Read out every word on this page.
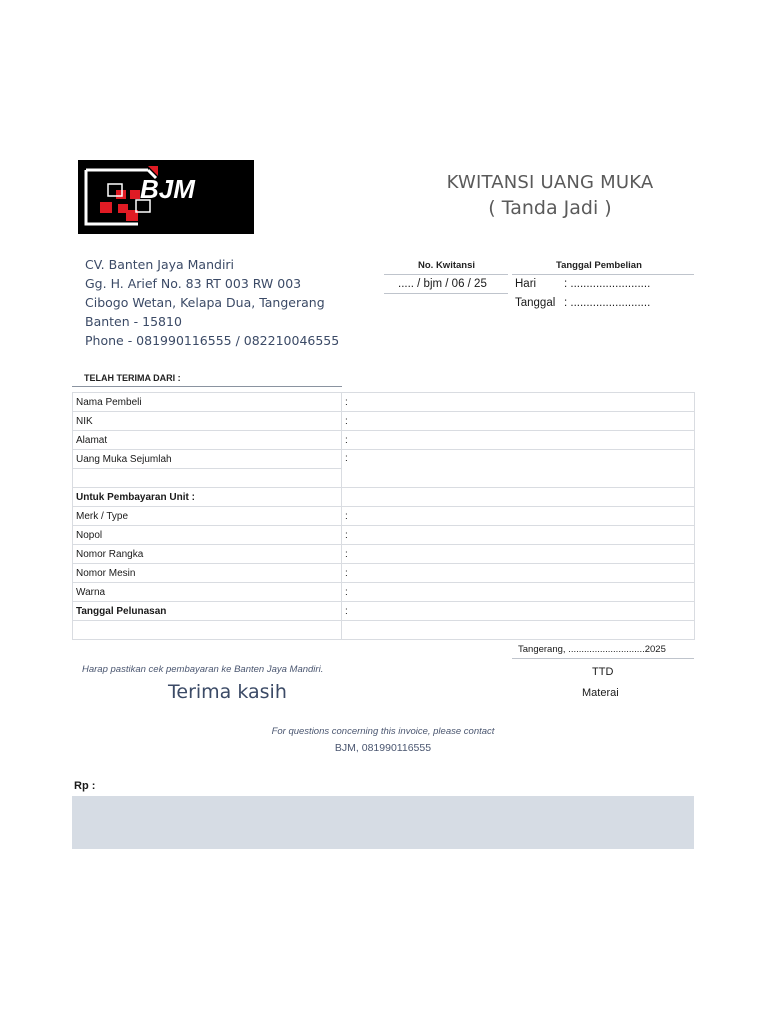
BJM	KWITANSI UANG MUKA
( Tanda Jadi )
CV. Banten Jaya Mandiri
Gg. H. Arief No. 83 RT 003 RW 003
Cibogo Wetan, Kelapa Dua, Tangerang
Banten - 15810
Phone - 081990116555 / 082210046555
No. Kwitansi
..... / bjm / 06 / 25
Tanggal Pembelian
Hari : .........................
Tanggal : .........................
TELAH TERIMA DARI :
Nama Pembeli	:
NIK	:
Alamat	:
Uang Muka Sejumlah	:

Untuk Pembayaran Unit :	
Merk / Type	:
Nopol	:
Nomor Rangka	:
Nomor Mesin	:
Warna	:
Tanggal Pelunasan	:

Tangerang, .............................2025
TTD
Materai
Harap pastikan cek pembayaran ke Banten Jaya Mandiri.
Terima kasih
For questions concerning this invoice, please contact
BJM, 081990116555
Rp :
